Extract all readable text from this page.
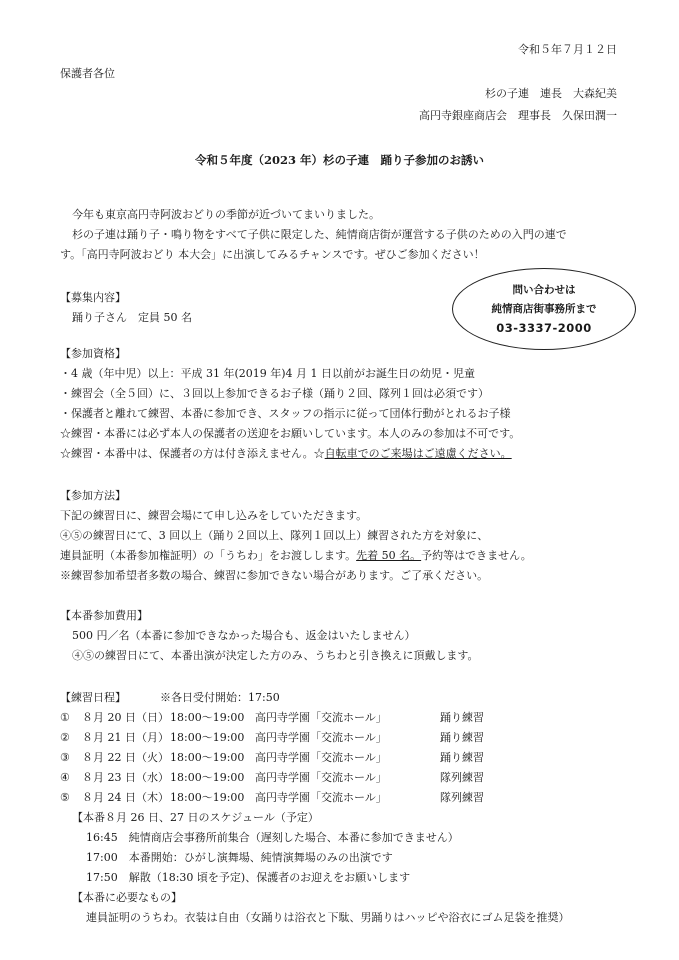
令和５年７月１２日
保護者各位
杉の子連　連長　大森紀美
高円寺銀座商店会　理事長　久保田潤一
令和５年度（2023 年）杉の子連　踊り子参加のお誘い
今年も東京高円寺阿波おどりの季節が近づいてまいりました。
杉の子連は踊り子・鳴り物をすべて子供に限定した、純情商店街が運営する子供のための入門の連で
す。「高円寺阿波おどり 本大会」に出演してみるチャンスです。ぜひご参加ください！
問い合わせは
純情商店街事務所まで
03-3337-2000
【募集内容】
踊り子さん　定員 50 名
【参加資格】
・4 歳（年中児）以上：平成 31 年(2019 年)4 月 1 日以前がお誕生日の幼児・児童
・練習会（全５回）に、３回以上参加できるお子様（踊り２回、隊列１回は必須です）
・保護者と離れて練習、本番に参加でき、スタッフの指示に従って団体行動がとれるお子様
☆練習・本番には必ず本人の保護者の送迎をお願いしています。本人のみの参加は不可です。
☆練習・本番中は、保護者の方は付き添えません。☆自転車でのご来場はご遠慮ください。
【参加方法】
下記の練習日に、練習会場にて申し込みをしていただきます。
④⑤の練習日にて、3 回以上（踊り２回以上、隊列１回以上）練習された方を対象に、
連員証明（本番参加権証明）の「うちわ」をお渡しします。先着 50 名。予約等はできません。
※練習参加希望者多数の場合、練習に参加できない場合があります。ご了承ください。
【本番参加費用】
500 円／名（本番に参加できなかった場合も、返金はいたしません）
④⑤の練習日にて、本番出演が決定した方のみ、うちわと引き換えに頂戴します。
【練習日程】	※各日受付開始：17:50
① ８月 20 日（日） 18:00～19:00 高円寺学園「交流ホール」	踊り練習
② ８月 21 日（月） 18:00～19:00 高円寺学園「交流ホール」	踊り練習
③ ８月 22 日（火） 18:00～19:00 高円寺学園「交流ホール」	踊り練習
④ ８月 23 日（水） 18:00～19:00 高円寺学園「交流ホール」	隊列練習
⑤ ８月 24 日（木） 18:00～19:00 高円寺学園「交流ホール」	隊列練習
【本番８月 26 日、27 日のスケジュール（予定）
16:45　純情商店会事務所前集合（遅刻した場合、本番に参加できません）
17:00　本番開始：ひがし演舞場、純情演舞場のみの出演です
17:50　解散（18:30 頃を予定)、保護者のお迎えをお願いします
【本番に必要なもの】
連員証明のうちわ。衣装は自由（女踊りは浴衣と下駄、男踊りはハッピや浴衣にゴム足袋を推奨）
